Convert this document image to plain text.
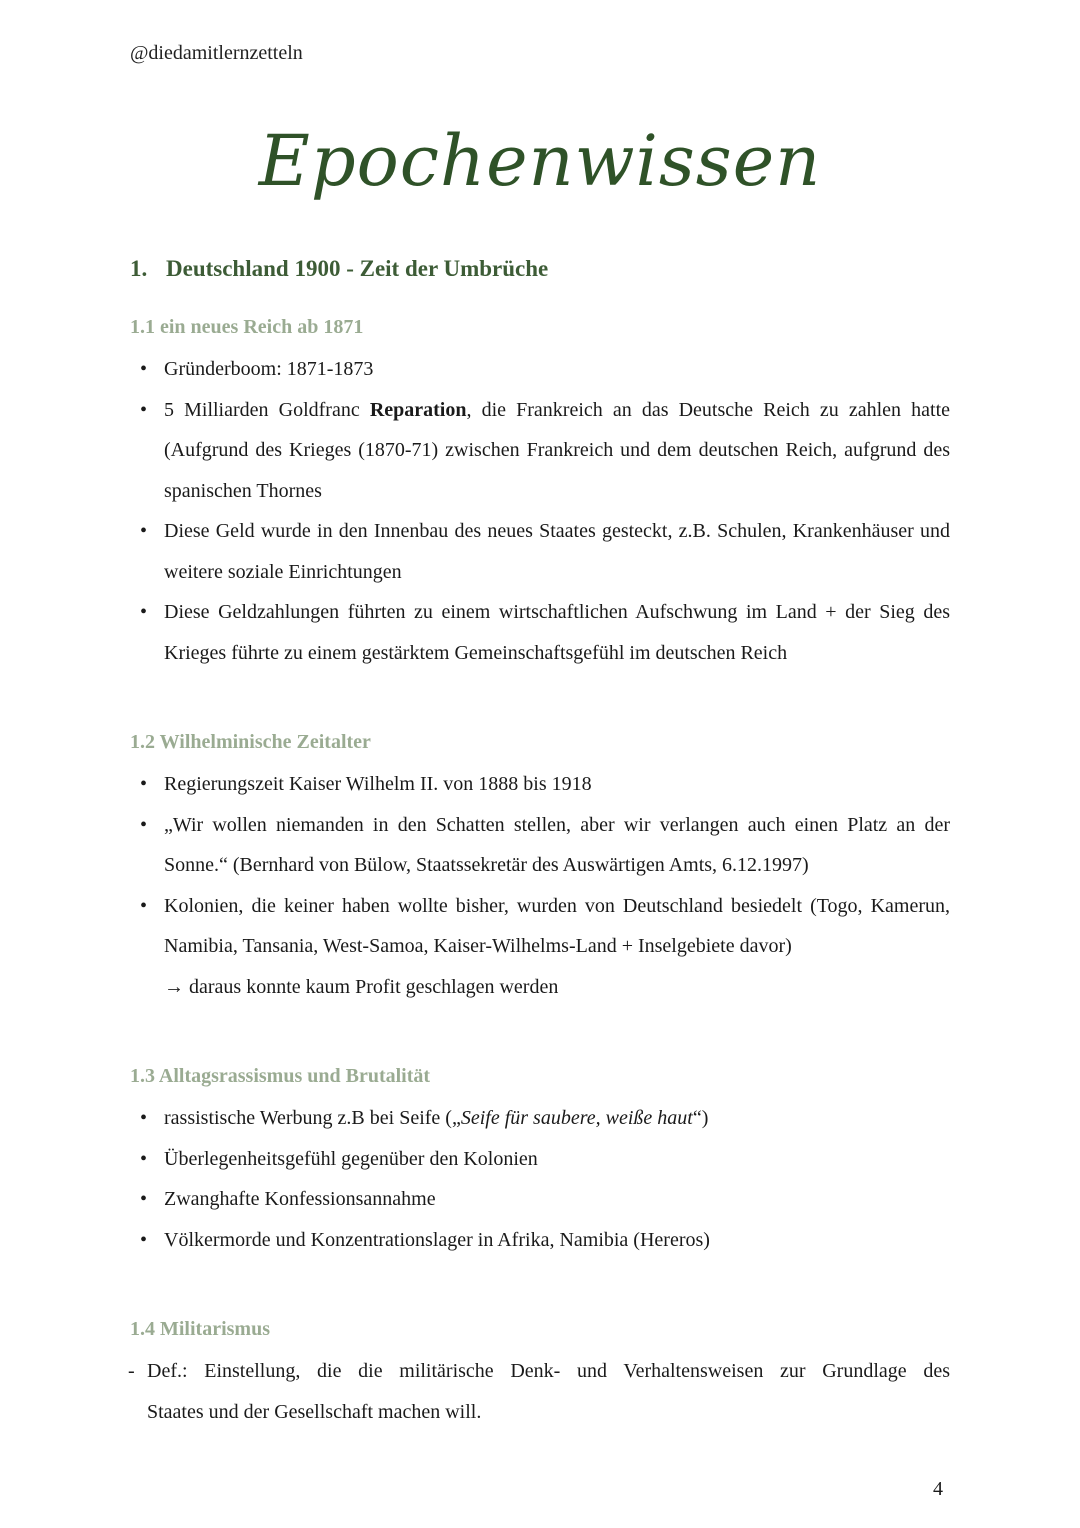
@diedamitlernzetteln
Epochenwissen
1. Deutschland 1900 - Zeit der Umbrüche
1.1 ein neues Reich ab 1871
• Gründerboom: 1871-1873
• 5 Milliarden Goldfranc Reparation, die Frankreich an das Deutsche Reich zu zahlen hatte (Aufgrund des Krieges (1870-71) zwischen Frankreich und dem deutschen Reich, aufgrund des spanischen Thornes
• Diese Geld wurde in den Innenbau des neues Staates gesteckt, z.B. Schulen, Krankenhäuser und weitere soziale Einrichtungen
• Diese Geldzahlungen führten zu einem wirtschaftlichen Aufschwung im Land + der Sieg des Krieges führte zu einem gestärktem Gemeinschaftsgefühl im deutschen Reich
1.2 Wilhelminische Zeitalter
• Regierungszeit Kaiser Wilhelm II. von 1888 bis 1918
• „Wir wollen niemanden in den Schatten stellen, aber wir verlangen auch einen Platz an der Sonne.“ (Bernhard von Bülow, Staatssekretär des Auswärtigen Amts, 6.12.1997)
• Kolonien, die keiner haben wollte bisher, wurden von Deutschland besiedelt (Togo, Kamerun, Namibia, Tansania, West-Samoa, Kaiser-Wilhelms-Land + Inselgebiete davor)
→ daraus konnte kaum Profit geschlagen werden
1.3 Alltagsrassismus und Brutalität
• rassistische Werbung z.B bei Seife („Seife für saubere, weiße haut“)
• Überlegenheitsgefühl gegenüber den Kolonien
• Zwanghafte Konfessionsannahme
• Völkermorde und Konzentrationslager in Afrika, Namibia (Hereros)
1.4 Militarismus
- Def.: Einstellung, die die militärische Denk- und Verhaltensweisen zur Grundlage des
Staates und der Gesellschaft machen will.
4
